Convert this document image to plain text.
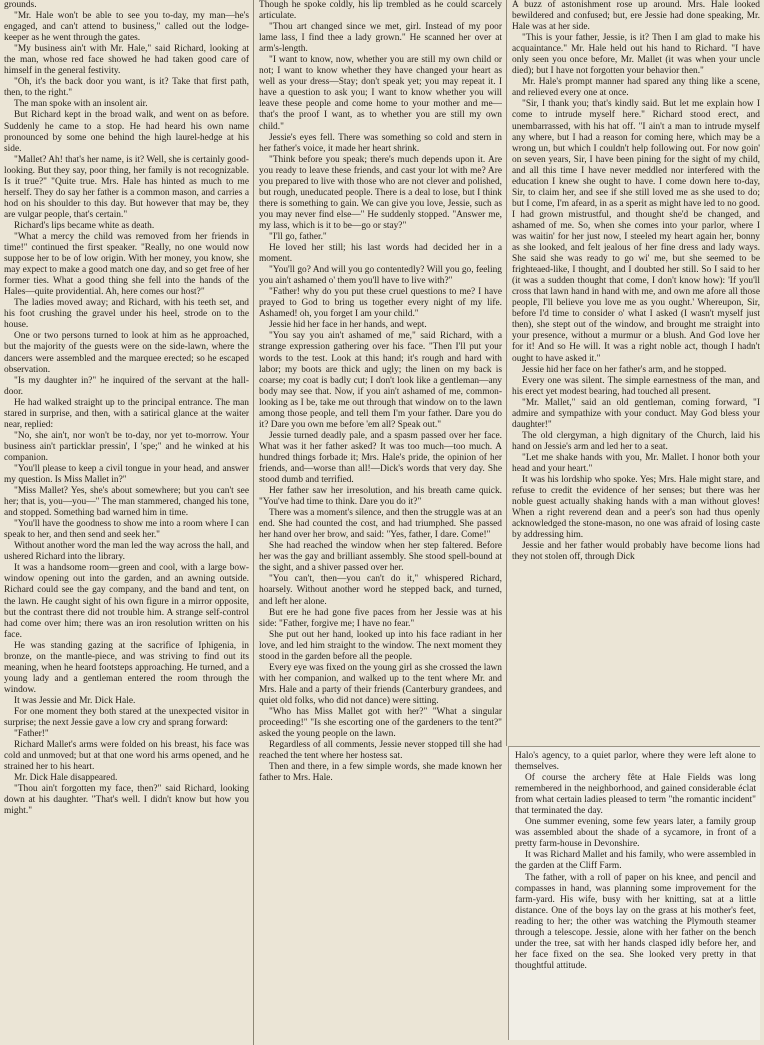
grounds.

"Mr. Hale won't be able to see you to-day, my man—he's engaged, and can't attend to business," called out the lodge-keeper as he went through the gates.

"My business ain't with Mr. Hale," said Richard, looking at the man, whose red face showed he had taken good care of himself in the general festivity.

"Oh, it's the back door you want, is it? Take that first path, then, to the right."

The man spoke with an insolent air.

But Richard kept in the broad walk, and went on as before. Suddenly he came to a stop. He had heard his own name pronounced by some one behind the high laurel-hedge at his side.

"Mallet? Ah! that's her name, is it? Well, she is certainly good-looking. But they say, poor thing, her family is not recognizable. Is it true?" "Quite true. Mrs. Hale has hinted as much to me herself. They do say her father is a common mason, and carries a hod on his shoulder to this day. But however that may be, they are vulgar people, that's certain."

Richard's lips became white as death.

"What a mercy the child was removed from her friends in time!" continued the first speaker. "Really, no one would now suppose her to be of low origin. With her money, you know, she may expect to make a good match one day, and so get free of her former ties. What a good thing she fell into the hands of the Hales—quite providential. Ah, here comes our host?"

The ladies moved away; and Richard, with his teeth set, and his foot crushing the gravel under his heel, strode on to the house.

One or two persons turned to look at him as he approached, but the majority of the guests were on the side-lawn, where the dancers were assembled and the marquee erected; so he escaped observation.

"Is my daughter in?" he inquired of the servant at the hall-door.

He had walked straight up to the principal entrance. The man stared in surprise, and then, with a satirical glance at the waiter near, replied:

"No, she ain't, nor won't be to-day, nor yet to-morrow. Your business ain't particklar pressin', I 'spe;" and he winked at his companion.

"You'll please to keep a civil tongue in your head, and answer my question. Is Miss Mallet in?"

"Miss Mallet? Yes, she's about somewhere; but you can't see her; that is, you—you—" The man stammered, changed his tone, and stopped. Something bad warned him in time.

"You'll have the goodness to show me into a room where I can speak to her, and then send and seek her."

Without another word the man led the way across the hall, and ushered Richard into the library.

It was a handsome room—green and cool, with a large bow-window opening out into the garden, and an awning outside. Richard could see the gay company, and the band and tent, on the lawn. He caught sight of his own figure in a mirror opposite, but the contrast there did not trouble him. A strange self-control had come over him; there was an iron resolution written on his face.

He was standing gazing at the sacrifice of Iphigenia, in bronze, on the mantle-piece, and was striving to find out its meaning, when he heard footsteps approaching. He turned, and a young lady and a gentleman entered the room through the window.

It was Jessie and Mr. Dick Hale.

For one moment they both stared at the unexpected visitor in surprise; the next Jessie gave a low cry and sprang forward:

"Father!"

Richard Mallet's arms were folded on his breast, his face was cold and unmoved; but at that one word his arms opened, and he strained her to his heart.

Mr. Dick Hale disappeared.

"Thou ain't forgotten my face, then?" said Richard, looking down at his daughter. "That's well. I didn't know but how you might."

Though he spoke coldly, his lip trembled as he could scarcely articulate.

"Thou art changed since we met, girl. Instead of my poor lame lass, I find thee a lady grown." He scanned her over at arm's-length.

"I want to know, now, whether you are still my own child or not; I want to know whether they have changed your heart as well as your dress—Stay; don't speak yet; you may repeat it. I have a question to ask you; I want to know whether you will leave these people and come home to your mother and me—that's the proof I want, as to whether you are still my own child."

Jessie's eyes fell. There was something so cold and stern in her father's voice, it made her heart shrink.

"Think before you speak; there's much depends upon it. Are you ready to leave these friends, and cast your lot with me? Are you prepared to live with those who are not clever and polished, but rough, uneducated people. There is a deal to lose, but I think there is something to gain. We can give you love, Jessie, such as you may never find else—" He suddenly stopped. "Answer me, my lass, which is it to be—go or stay?"

"I'll go, father."

He loved her still; his last words had decided her in a moment.

"You'll go? And will you go contentedly? Will you go, feeling you ain't ashamed o' them you'll have to live with?"

"Father! why do you put these cruel questions to me? I have prayed to God to bring us together every night of my life. Ashamed! oh, you forget I am your child."

Jessie hid her face in her hands, and wept.

"You say you ain't ashamed of me," said Richard, with a strange expression gathering over his face. "Then I'll put your words to the test. Look at this hand; it's rough and hard with labor; my boots are thick and ugly; the linen on my back is coarse; my coat is badly cut; I don't look like a gentleman—any body may see that. Now, if you ain't ashamed of me, common-looking as I be, take me out through that window on to the lawn among those people, and tell them I'm your father. Dare you do it? Dare you own me before 'em all? Speak out."

Jessie turned deadly pale, and a spasm passed over her face. What was it her father asked? It was too much—too much. A hundred things forbade it; Mrs. Hale's pride, the opinion of her friends, and—worse than all!—Dick's words that very day. She stood dumb and terrified.

Her father saw her irresolution, and his breath came quick. "You've had time to think. Dare you do it?"

There was a moment's silence, and then the struggle was at an end. She had counted the cost, and had triumphed. She passed her hand over her brow, and said: "Yes, father, I dare. Come!"

She had reached the window when her step faltered. Before her was the gay and brilliant assembly. She stood spell-bound at the sight, and a shiver passed over her.

"You can't, then—you can't do it," whispered Richard, hoarsely. Without another word he stepped back, and turned, and left her alone.

But ere he had gone five paces from her Jessie was at his side: "Father, forgive me; I have no fear."

She put out her hand, looked up into his face radiant in her love, and led him straight to the window. The next moment they stood in the garden before all the people.

Every eye was fixed on the young girl as she crossed the lawn with her companion, and walked up to the tent where Mr. and Mrs. Hale and a party of their friends (Canterbury grandees, and quiet old folks, who did not dance) were sitting.

"Who has Miss Mallet got with her?" "What a singular proceeding!" "Is she escorting one of the gardeners to the tent?" asked the young people on the lawn.

Regardless of all comments, Jessie never stopped till she had reached the tent where her hostess sat.

Then and there, in a few simple words, she made known her father to Mrs. Hale.

A buzz of astonishment rose up around. Mrs. Hale looked bewildered and confused; but, ere Jessie had done speaking, Mr. Hale was at her side.

"This is your father, Jessie, is it? Then I am glad to make his acquaintance." Mr. Hale held out his hand to Richard. "I have only seen you once before, Mr. Mallet (it was when your uncle died); but I have not forgotten your behavior then."

Mr. Hale's prompt manner had spared any thing like a scene, and relieved every one at once.

"Sir, I thank you; that's kindly said. But let me explain how I come to intrude myself here." Richard stood erect, and unembarrassed, with his hat off. "I ain't a man to intrude myself any where, but I had a reason for coming here, which may be a wrong un, but which I couldn't help following out. For now goin' on seven years, Sir, I have been pining for the sight of my child, and all this time I have never meddled nor interfered with the education I knew she ought to have. I come down here to-day, Sir, to claim her, and see if she still loved me as she used to do; but I come, I'm afeard, in as a sperit as might have led to no good. I had grown mistrustful, and thought she'd be changed, and ashamed of me. So, when she comes into your parlor, where I was waitin' for her just now, I steeled my heart again her, bonny as she looked, and felt jealous of her fine dress and lady ways. She said she was ready to go wi' me, but she seemed to be frighteaed-like, I thought, and I doubted her still. So I said to her (it was a sudden thought that come, I don't know how): 'If you'll cross that lawn hand in hand with me, and own me afore all those people, I'll believe you love me as you ought.' Whereupon, Sir, before I'd time to consider o' what I asked (I wasn't myself just then), she stept out of the window, and brought me straight into your presence, without a murmur or a blush. And God love her for it! And so He will. It was a right noble act, though I hadn't ought to have asked it."

Jessie hid her face on her father's arm, and he stopped.

Every one was silent. The simple earnestness of the man, and his erect yet modest bearing, had touched all present.

"Mr. Mallet," said an old gentleman, coming forward, "I admire and sympathize with your conduct. May God bless your daughter!"

The old clergyman, a high dignitary of the Church, laid his hand on Jessie's arm and led her to a seat.

"Let me shake hands with you, Mr. Mallet. I honor both your head and your heart."

It was his lordship who spoke. Yes; Mrs. Hale might stare, and refuse to credit the evidence of her senses; but there was her noble guest actually shaking hands with a man without gloves! When a right reverend dean and a peer's son had thus openly acknowledged the stone-mason, no one was afraid of losing caste by addressing him.

Jessie and her father would probably have become lions had they not stolen off, through Dick

Halo's agency, to a quiet parlor, where they were left alone to themselves.

Of course the archery fête at Hale Fields was long remembered in the neighborhood, and gained considerable éclat from what certain ladies pleased to term "the romantic incident" that terminated the day.

One summer evening, some few years later, a family group was assembled about the shade of a sycamore, in front of a pretty farm-house in Devonshire.

It was Richard Mallet and his family, who were assembled in the garden at the Cliff Farm.

The father, with a roll of paper on his knee, and pencil and compasses in hand, was planning some improvement for the farm-yard. His wife, busy with her knitting, sat at a little distance. One of the boys lay on the grass at his mother's feet, reading to her; the other was watching the Plymouth steamer through a telescope. Jessie, alone with her father on the bench under the tree, sat with her hands clasped idly before her, and her face fixed on the sea. She looked very pretty in that thoughtful attitude.
